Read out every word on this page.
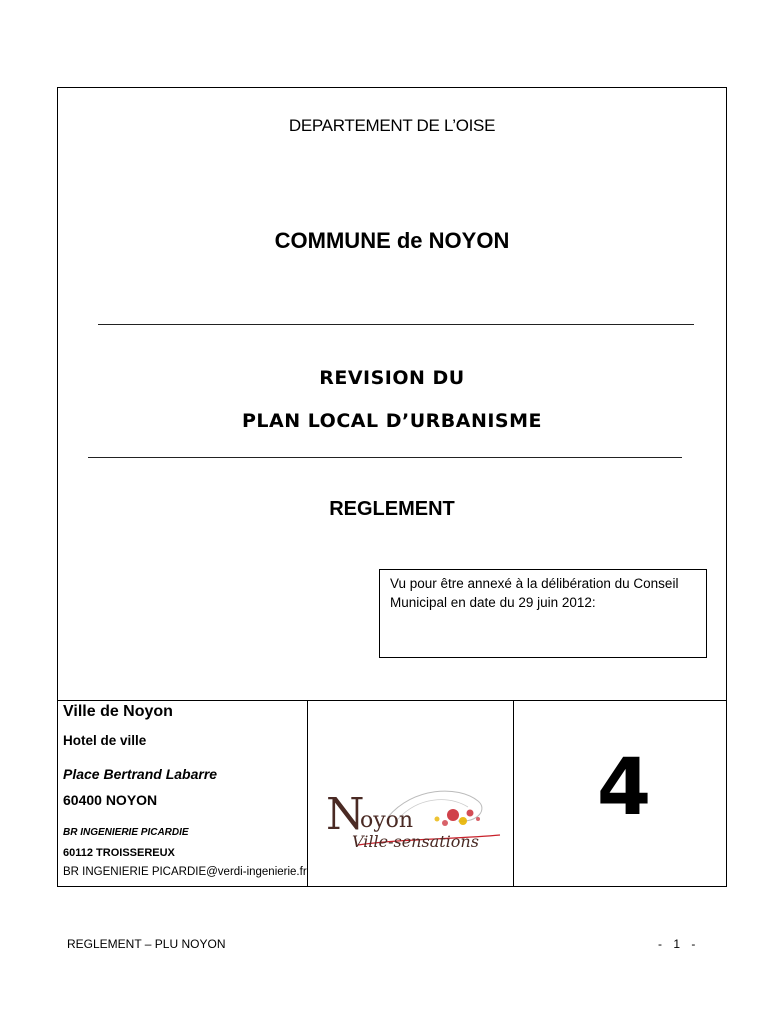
DEPARTEMENT DE L’OISE
COMMUNE de NOYON
REVISION DU
PLAN LOCAL D’URBANISME
REGLEMENT
Vu pour être annexé à la délibération du Conseil Municipal en date du 29 juin 2012:
Ville de Noyon
Hotel de ville
Place Bertrand Labarre
60400 NOYON
BR INGENIERIE PICARDIE
60112 TROISSEREUX
BR INGENIERIE PICARDIE@verdi-ingenierie.fr
N
oyon
Ville-sensations
4
REGLEMENT – PLU NOYON	- 1 -
